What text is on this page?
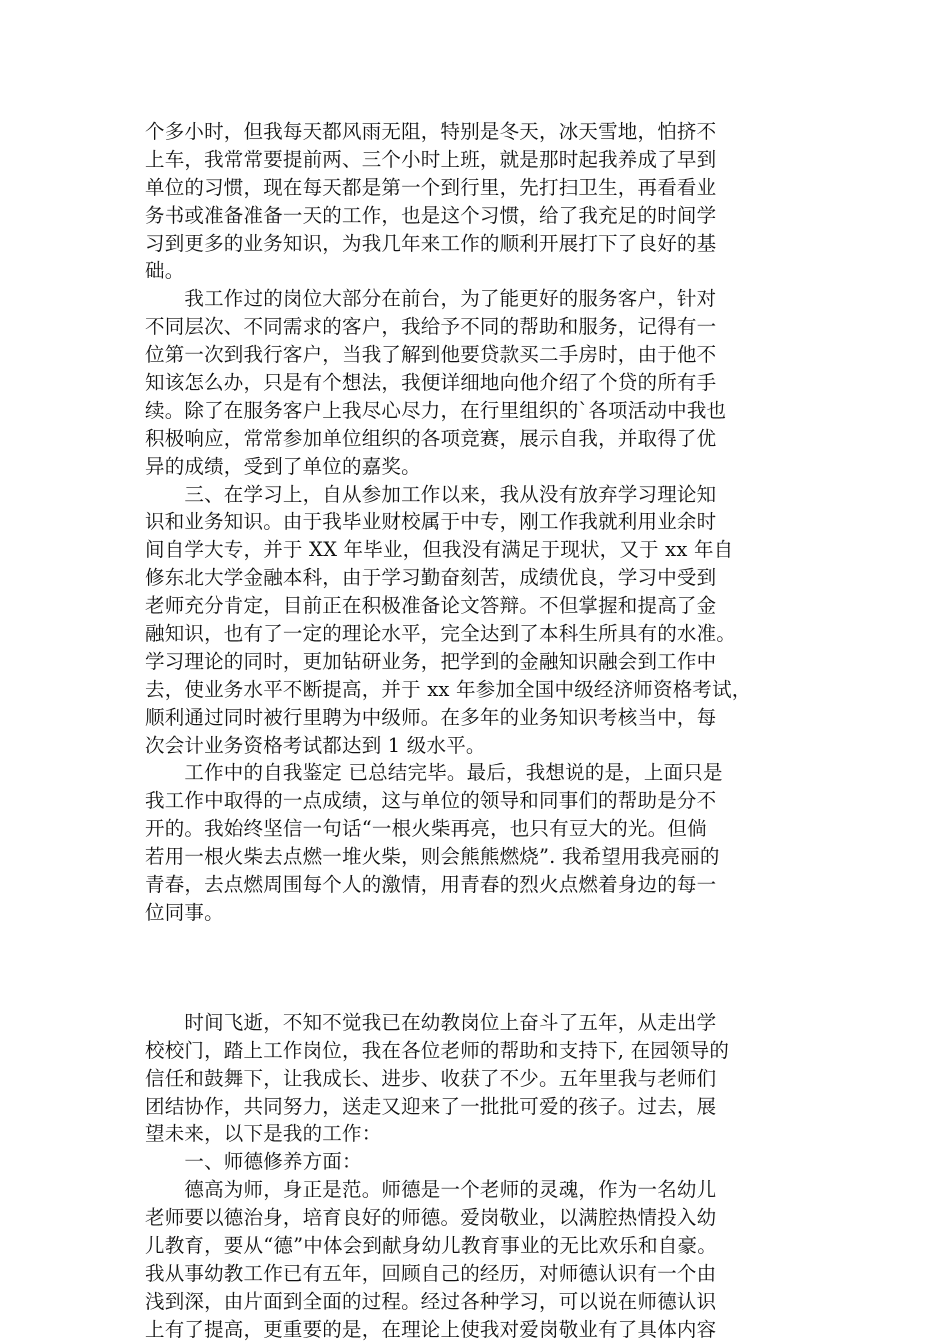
个多小时，但我每天都风雨无阻，特别是冬天，冰天雪地，怕挤不
上车，我常常要提前两、三个小时上班，就是那时起我养成了早到
单位的习惯，现在每天都是第一个到行里，先打扫卫生，再看看业
务书或准备准备一天的工作，也是这个习惯，给了我充足的时间学
习到更多的业务知识，为我几年来工作的顺利开展打下了良好的基
础。
　　我工作过的岗位大部分在前台，为了能更好的服务客户，针对
不同层次、不同需求的客户，我给予不同的帮助和服务，记得有一
位第一次到我行客户，当我了解到他要贷款买二手房时，由于他不
知该怎么办，只是有个想法，我便详细地向他介绍了个贷的所有手
续。除了在服务客户上我尽心尽力，在行里组织的`各项活动中我也
积极响应，常常参加单位组织的各项竞赛，展示自我，并取得了优
异的成绩，受到了单位的嘉奖。
　　三、在学习上，自从参加工作以来，我从没有放弃学习理论知
识和业务知识。由于我毕业财校属于中专，刚工作我就利用业余时
间自学大专，并于 XX 年毕业，但我没有满足于现状，又于 xx 年自
修东北大学金融本科，由于学习勤奋刻苦，成绩优良，学习中受到
老师充分肯定，目前正在积极准备论文答辩。不但掌握和提高了金
融知识，也有了一定的理论水平，完全达到了本科生所具有的水准。
学习理论的同时，更加钻研业务，把学到的金融知识融会到工作中
去，使业务水平不断提高，并于 xx 年参加全国中级经济师资格考试，
顺利通过同时被行里聘为中级师。在多年的业务知识考核当中，每
次会计业务资格考试都达到 1 级水平。
　　工作中的自我鉴定 已总结完毕。最后，我想说的是，上面只是
我工作中取得的一点成绩，这与单位的领导和同事们的帮助是分不
开的。我始终坚信一句话“一根火柴再亮，也只有豆大的光。但倘
若用一根火柴去点燃一堆火柴，则会熊熊燃烧”. 我希望用我亮丽的
青春，去点燃周围每个人的激情，用青春的烈火点燃着身边的每一
位同事。
　　时间飞逝，不知不觉我已在幼教岗位上奋斗了五年，从走出学
校校门，踏上工作岗位，我在各位老师的帮助和支持下, 在园领导的
信任和鼓舞下，让我成长、进步、收获了不少。五年里我与老师们
团结协作，共同努力，送走又迎来了一批批可爱的孩子。过去，展
望未来，以下是我的工作：
　　一、师德修养方面：
　　德高为师，身正是范。师德是一个老师的灵魂，作为一名幼儿
老师要以德治身，培育良好的师德。爱岗敬业，以满腔热情投入幼
儿教育，要从“德”中体会到献身幼儿教育事业的无比欢乐和自豪。
我从事幼教工作已有五年，回顾自己的经历，对师德认识有一个由
浅到深，由片面到全面的过程。经过各种学习，可以说在师德认识
上有了提高，更重要的是，在理论上使我对爱岗敬业有了具体内容
